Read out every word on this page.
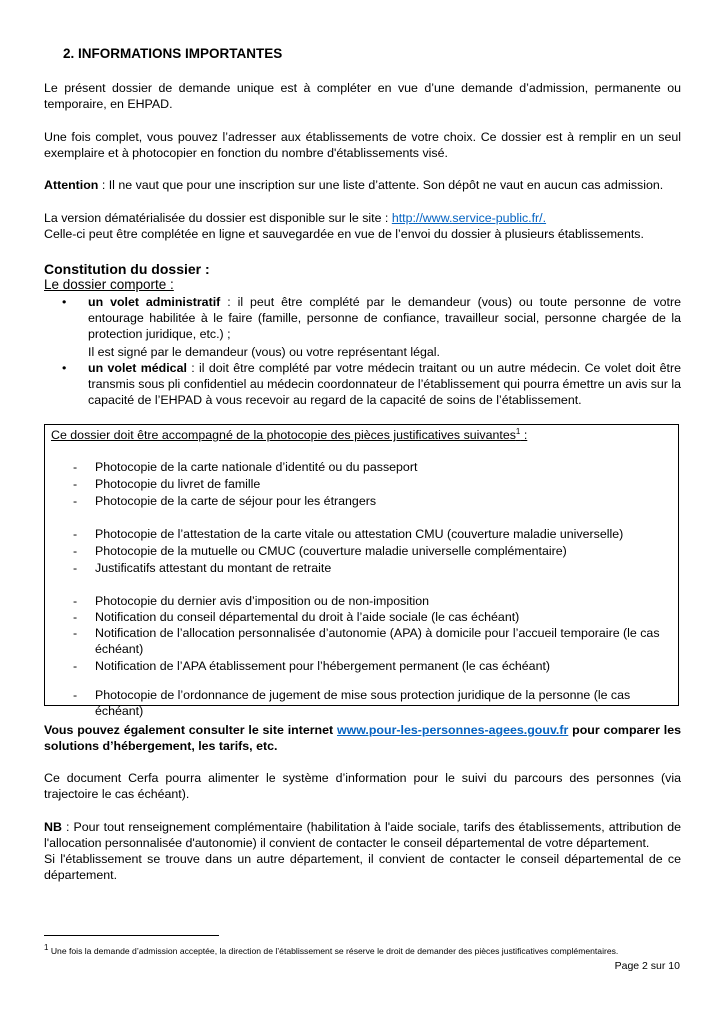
2. INFORMATIONS IMPORTANTES

Le présent dossier de demande unique est à compléter en vue d’une demande d’admission, permanente ou temporaire, en EHPAD.

Une fois complet, vous pouvez l’adresser aux établissements de votre choix. Ce dossier est à remplir en un seul exemplaire et à photocopier en fonction du nombre d'établissements visé.

Attention : Il ne vaut que pour une inscription sur une liste d’attente. Son dépôt ne vaut en aucun cas admission.

La version dématérialisée du dossier est disponible sur le site : http://www.service-public.fr/.
Celle-ci peut être complétée en ligne et sauvegardée en vue de l’envoi du dossier à plusieurs établissements.

Constitution du dossier :

Le dossier comporte :

• un volet administratif : il peut être complété par le demandeur (vous) ou toute personne de votre entourage habilitée à le faire (famille, personne de confiance, travailleur social, personne chargée de la protection juridique, etc.) ;

Il est signé par le demandeur (vous) ou votre représentant légal.

• un volet médical : il doit être complété par votre médecin traitant ou un autre médecin. Ce volet doit être transmis sous pli confidentiel au médecin coordonnateur de l’établissement qui pourra émettre un avis sur la capacité de l’EHPAD à vous recevoir au regard de la capacité de soins de l’établissement.

Ce dossier doit être accompagné de la photocopie des pièces justificatives suivantes$^1$ :

- Photocopie de la carte nationale d’identité ou du passeport

- Photocopie du livret de famille

- Photocopie de la carte de séjour pour les étrangers

- Photocopie de l’attestation de la carte vitale ou attestation CMU (couverture maladie universelle)

- Photocopie de la mutuelle ou CMUC (couverture maladie universelle complémentaire)

- Justificatifs attestant du montant de retraite

- Photocopie du dernier avis d’imposition ou de non-imposition

- Notification du conseil départemental du droit à l’aide sociale (le cas échéant)

- Notification de l’allocation personnalisée d’autonomie (APA) à domicile pour l’accueil temporaire (le cas échéant)

- Notification de l’APA établissement pour l’hébergement permanent (le cas échéant)

- Photocopie de l’ordonnance de jugement de mise sous protection juridique de la personne (le cas échéant)

Vous pouvez également consulter le site internet www.pour-les-personnes-agees.gouv.fr pour comparer les solutions d’hébergement, les tarifs, etc.

Ce document Cerfa pourra alimenter le système d’information pour le suivi du parcours des personnes (via trajectoire le cas échéant).

NB : Pour tout renseignement complémentaire (habilitation à l'aide sociale, tarifs des établissements, attribution de l'allocation personnalisée d'autonomie) il convient de contacter le conseil départemental de votre département.
Si l'établissement se trouve dans un autre département, il convient de contacter le conseil départemental de ce département.

$^1$ Une fois la demande d’admission acceptée, la direction de l’établissement se réserve le droit de demander des pièces justificatives complémentaires.

Page 2 sur 10
